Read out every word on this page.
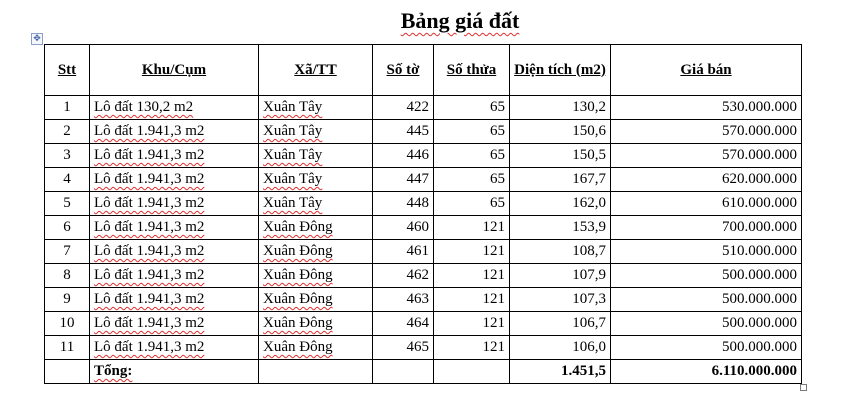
Bảng giá đất
✥
Stt	Khu/Cụm	Xã/TT	Số tờ	Số thửa	Diện tích (m2)	Giá bán
1	Lô đất 130,2 m2	Xuân Tây	422	65	130,2	530.000.000
2	Lô đất 1.941,3 m2	Xuân Tây	445	65	150,6	570.000.000
3	Lô đất 1.941,3 m2	Xuân Tây	446	65	150,5	570.000.000
4	Lô đất 1.941,3 m2	Xuân Tây	447	65	167,7	620.000.000
5	Lô đất 1.941,3 m2	Xuân Tây	448	65	162,0	610.000.000
6	Lô đất 1.941,3 m2	Xuân Đông	460	121	153,9	700.000.000
7	Lô đất 1.941,3 m2	Xuân Đông	461	121	108,7	510.000.000
8	Lô đất 1.941,3 m2	Xuân Đông	462	121	107,9	500.000.000
9	Lô đất 1.941,3 m2	Xuân Đông	463	121	107,3	500.000.000
10	Lô đất 1.941,3 m2	Xuân Đông	464	121	106,7	500.000.000
11	Lô đất 1.941,3 m2	Xuân Đông	465	121	106,0	500.000.000
	Tổng:				1.451,5	6.110.000.000
